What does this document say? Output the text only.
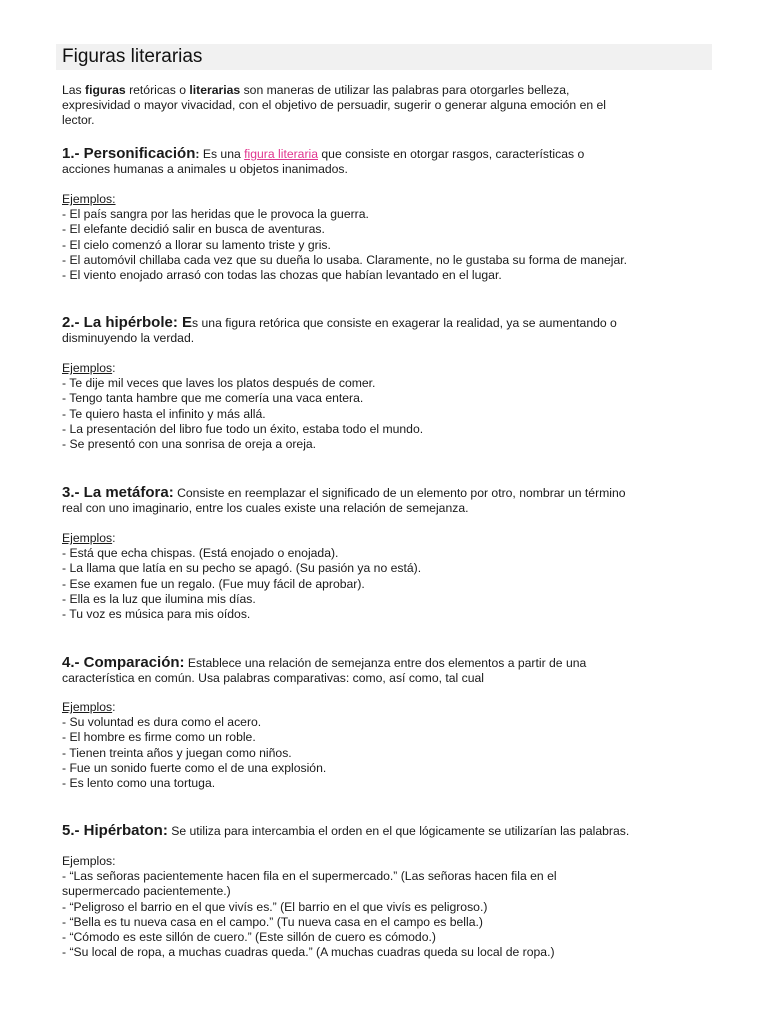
Figuras literarias
Las figuras retóricas o literarias son maneras de utilizar las palabras para otorgarles belleza,
expresividad o mayor vivacidad, con el objetivo de persuadir, sugerir o generar alguna emoción en el
lector.
1.- Personificación: Es una figura literaria que consiste en otorgar rasgos, características o
acciones humanas a animales u objetos inanimados.
Ejemplos:
- El país sangra por las heridas que le provoca la guerra.
- El elefante decidió salir en busca de aventuras.
- El cielo comenzó a llorar su lamento triste y gris.
- El automóvil chillaba cada vez que su dueña lo usaba. Claramente, no le gustaba su forma de manejar.
- El viento enojado arrasó con todas las chozas que habían levantado en el lugar.
2.- La hipérbole: Es una figura retórica que consiste en exagerar la realidad, ya se aumentando o
disminuyendo la verdad.
Ejemplos:
- Te dije mil veces que laves los platos después de comer.
- Tengo tanta hambre que me comería una vaca entera.
- Te quiero hasta el infinito y más allá.
- La presentación del libro fue todo un éxito, estaba todo el mundo.
- Se presentó con una sonrisa de oreja a oreja.
3.- La metáfora: Consiste en reemplazar el significado de un elemento por otro, nombrar un término
real con uno imaginario, entre los cuales existe una relación de semejanza.
Ejemplos:
- Está que echa chispas. (Está enojado o enojada).
- La llama que latía en su pecho se apagó. (Su pasión ya no está).
- Ese examen fue un regalo. (Fue muy fácil de aprobar).
- Ella es la luz que ilumina mis días.
- Tu voz es música para mis oídos.
4.- Comparación: Establece una relación de semejanza entre dos elementos a partir de una
característica en común. Usa palabras comparativas: como, así como, tal cual
Ejemplos:
- Su voluntad es dura como el acero.
- El hombre es firme como un roble.
- Tienen treinta años y juegan como niños.
- Fue un sonido fuerte como el de una explosión.
- Es lento como una tortuga.
5.- Hipérbaton: Se utiliza para intercambia el orden en el que lógicamente se utilizarían las palabras.
Ejemplos:
- “Las señoras pacientemente hacen fila en el supermercado.” (Las señoras hacen fila en el
supermercado pacientemente.)
- “Peligroso el barrio en el que vivís es.” (El barrio en el que vivís es peligroso.)
- “Bella es tu nueva casa en el campo.” (Tu nueva casa en el campo es bella.)
- “Cómodo es este sillón de cuero.” (Este sillón de cuero es cómodo.)
- “Su local de ropa, a muchas cuadras queda.” (A muchas cuadras queda su local de ropa.)
